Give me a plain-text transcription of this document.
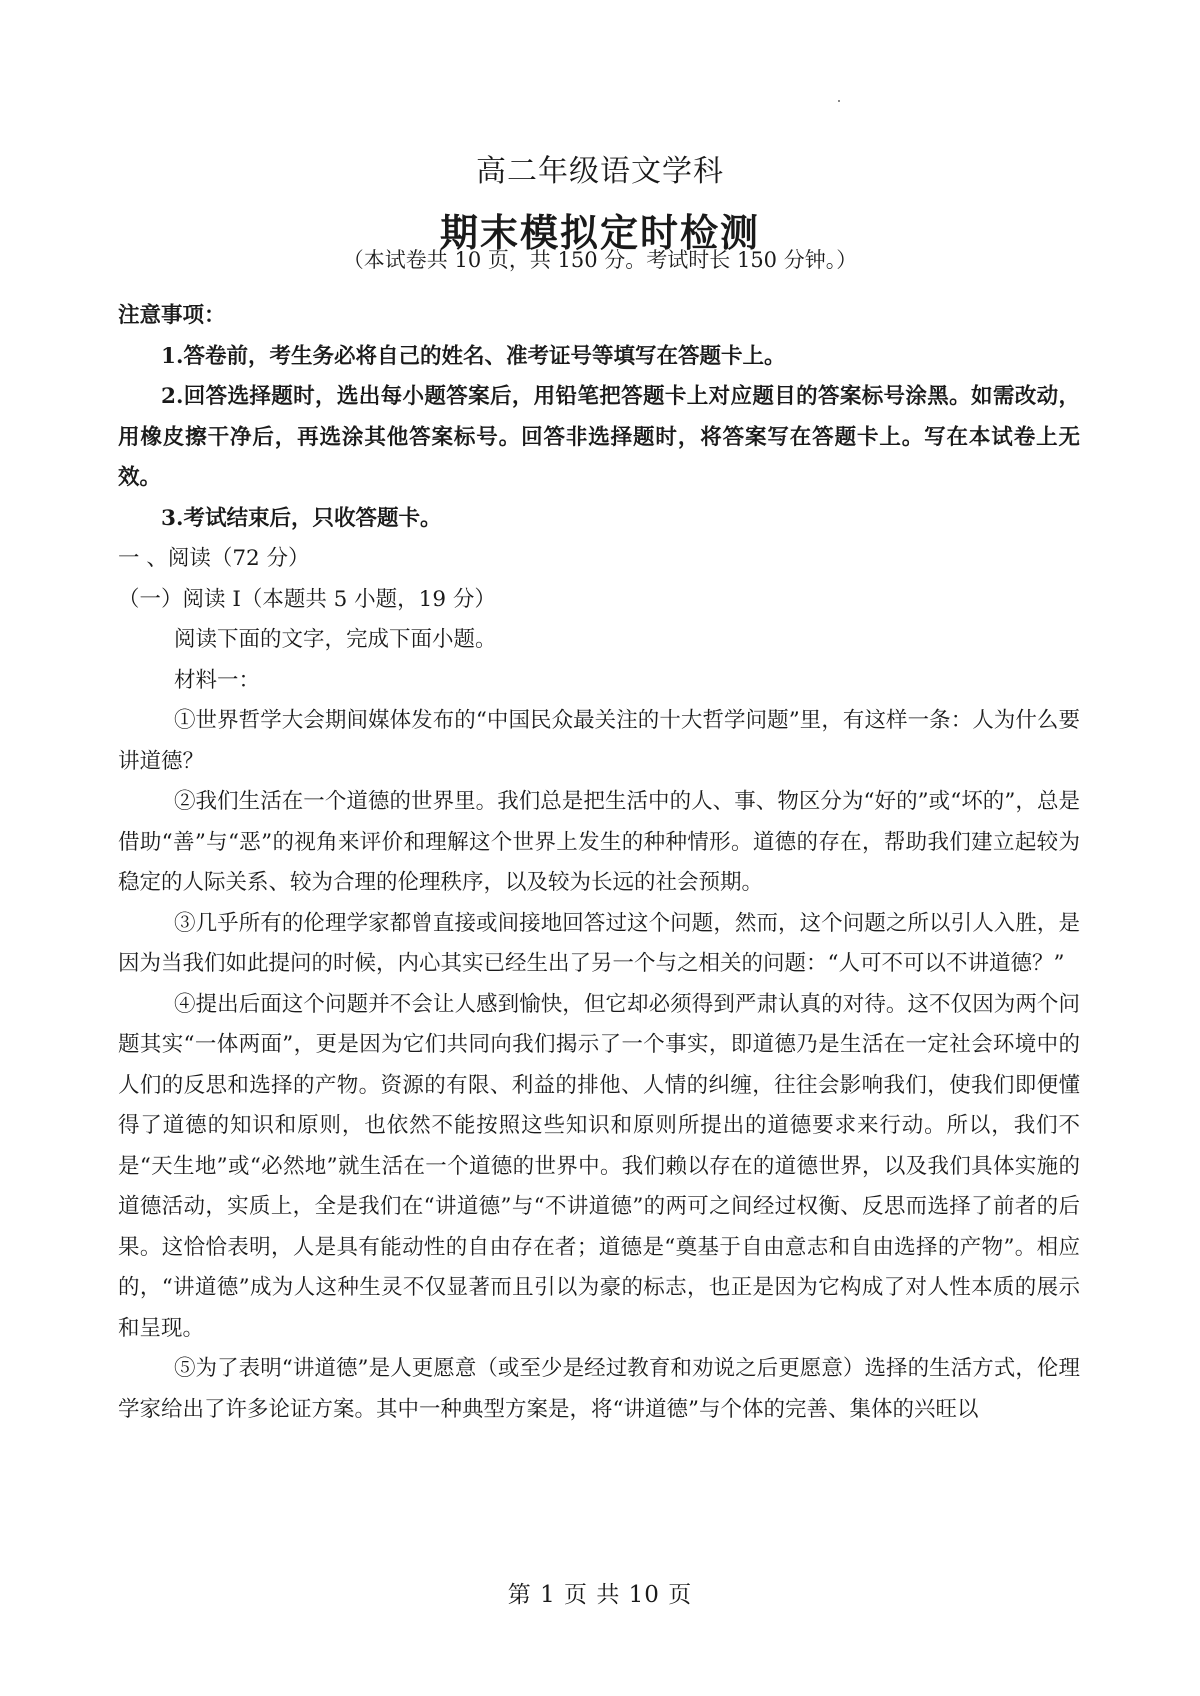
高二年级语文学科
期末模拟定时检测
（本试卷共 10 页，共 150 分。考试时长 150 分钟。）

注意事项：

1.答卷前，考生务必将自己的姓名、准考证号等填写在答题卡上。

2.回答选择题时，选出每小题答案后，用铅笔把答题卡上对应题目的答案标号涂黑。如需改动，用橡皮擦干净后，再选涂其他答案标号。回答非选择题时，将答案写在答题卡上。写在本试卷上无效。

3.考试结束后，只收答题卡。

一 、阅读（72 分）

（一）阅读 I（本题共 5 小题，19 分）

阅读下面的文字，完成下面小题。

材料一：

①世界哲学大会期间媒体发布的“中国民众最关注的十大哲学问题”里，有这样一条：人为什么要讲道德？

②我们生活在一个道德的世界里。我们总是把生活中的人、事、物区分为“好的”或“坏的”，总是借助“善”与“恶”的视角来评价和理解这个世界上发生的种种情形。道德的存在，帮助我们建立起较为稳定的人际关系、较为合理的伦理秩序，以及较为长远的社会预期。

③几乎所有的伦理学家都曾直接或间接地回答过这个问题，然而，这个问题之所以引人入胜，是因为当我们如此提问的时候，内心其实已经生出了另一个与之相关的问题：“人可不可以不讲道德？”

④提出后面这个问题并不会让人感到愉快，但它却必须得到严肃认真的对待。这不仅因为两个问题其实“一体两面”，更是因为它们共同向我们揭示了一个事实，即道德乃是生活在一定社会环境中的人们的反思和选择的产物。资源的有限、利益的排他、人情的纠缠，往往会影响我们，使我们即便懂得了道德的知识和原则，也依然不能按照这些知识和原则所提出的道德要求来行动。所以，我们不是“天生地”或“必然地”就生活在一个道德的世界中。我们赖以存在的道德世界，以及我们具体实施的道德活动，实质上，全是我们在“讲道德”与“不讲道德”的两可之间经过权衡、反思而选择了前者的后果。这恰恰表明，人是具有能动性的自由存在者；道德是“奠基于自由意志和自由选择的产物”。相应的，“讲道德”成为人这种生灵不仅显著而且引以为豪的标志，也正是因为它构成了对人性本质的展示和呈现。

⑤为了表明“讲道德”是人更愿意（或至少是经过教育和劝说之后更愿意）选择的生活方式，伦理学家给出了许多论证方案。其中一种典型方案是，将“讲道德”与个体的完善、集体的兴旺以

第 1 页 共 10 页
